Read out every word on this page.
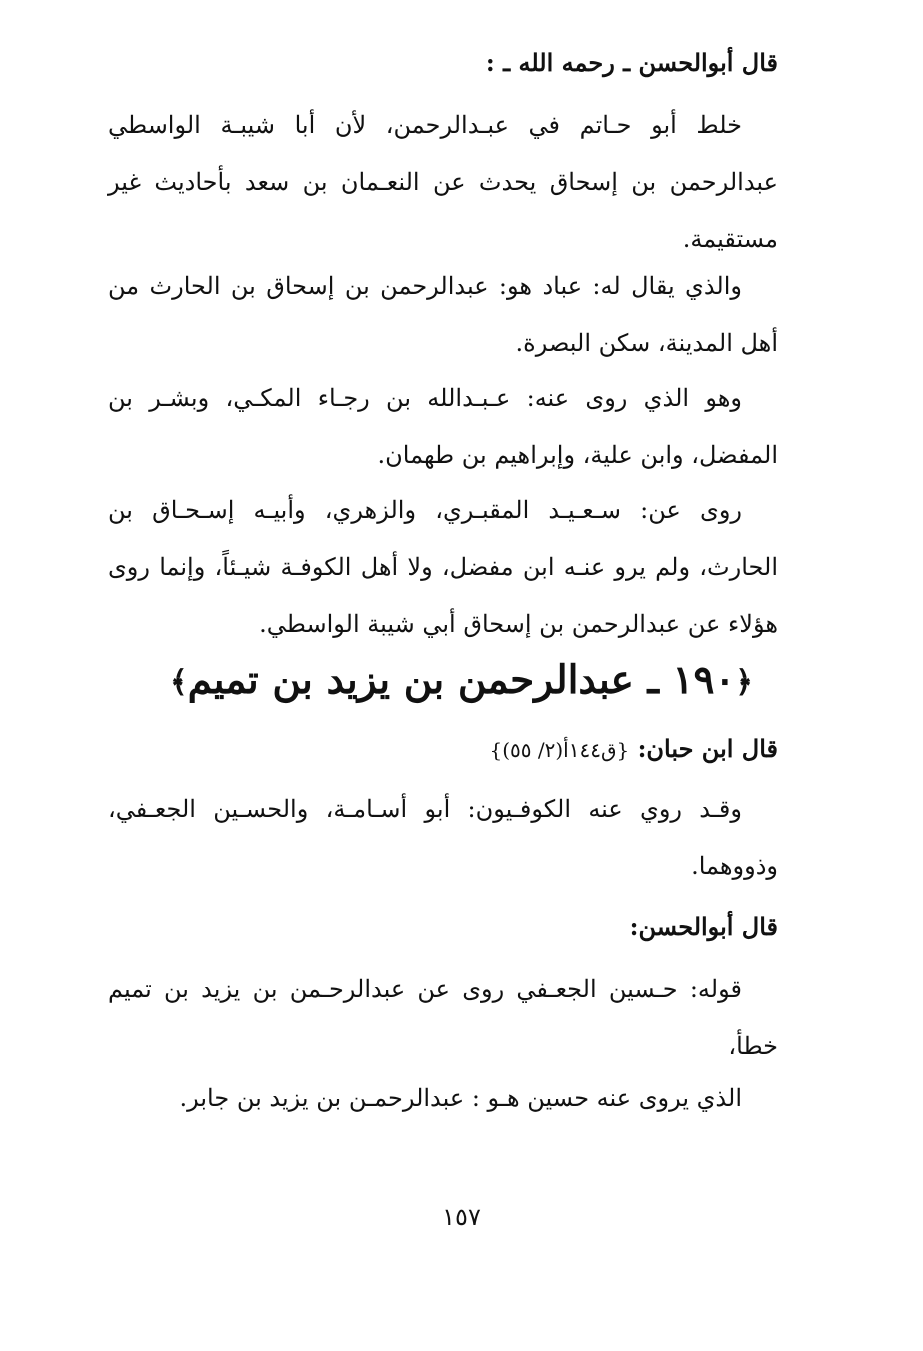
قال أبوالحسن ـ رحمه الله ـ :
خلط أبو حـاتم في عبـدالرحمن، لأن أبا شيبـة الواسطي عبدالرحمن بن إسحاق يحدث عن النعـمان بن سعد بأحاديث غير مستقيمة.
والذي يقال له: عباد هو: عبدالرحمن بن إسحاق بن الحارث من أهل المدينة، سكن البصرة.
وهو الذي روى عنه: عـبـدالله بن رجـاء المكـي، وبشـر بن المفضل، وابن علية، وإبراهيم بن طهمان.
روى عن: سـعـيـد المقبـري، والزهري، وأبيـه إسـحـاق بن الحارث، ولم يرو عنـه ابن مفضل، ولا أهل الكوفـة شيـئاً، وإنما روى هؤلاء عن عبدالرحمن بن إسحاق أبي شيبة الواسطي.
﴿١٩٠ ـ عبدالرحمن بن يزيد بن تميم﴾
قال ابن حبان: {ق١٤٤أ(٢/ ٥٥)}
وقـد روي عنه الكوفـيون: أبو أسـامـة، والحسـين الجعـفي، وذووهما.
قال أبوالحسن:
قوله: حـسين الجعـفي روى عن عبدالرحـمن بن يزيد بن تميم خطأ،
الذي يروى عنه حسين هـو : عبدالرحمـن بن يزيد بن جابر.
١٥٧
